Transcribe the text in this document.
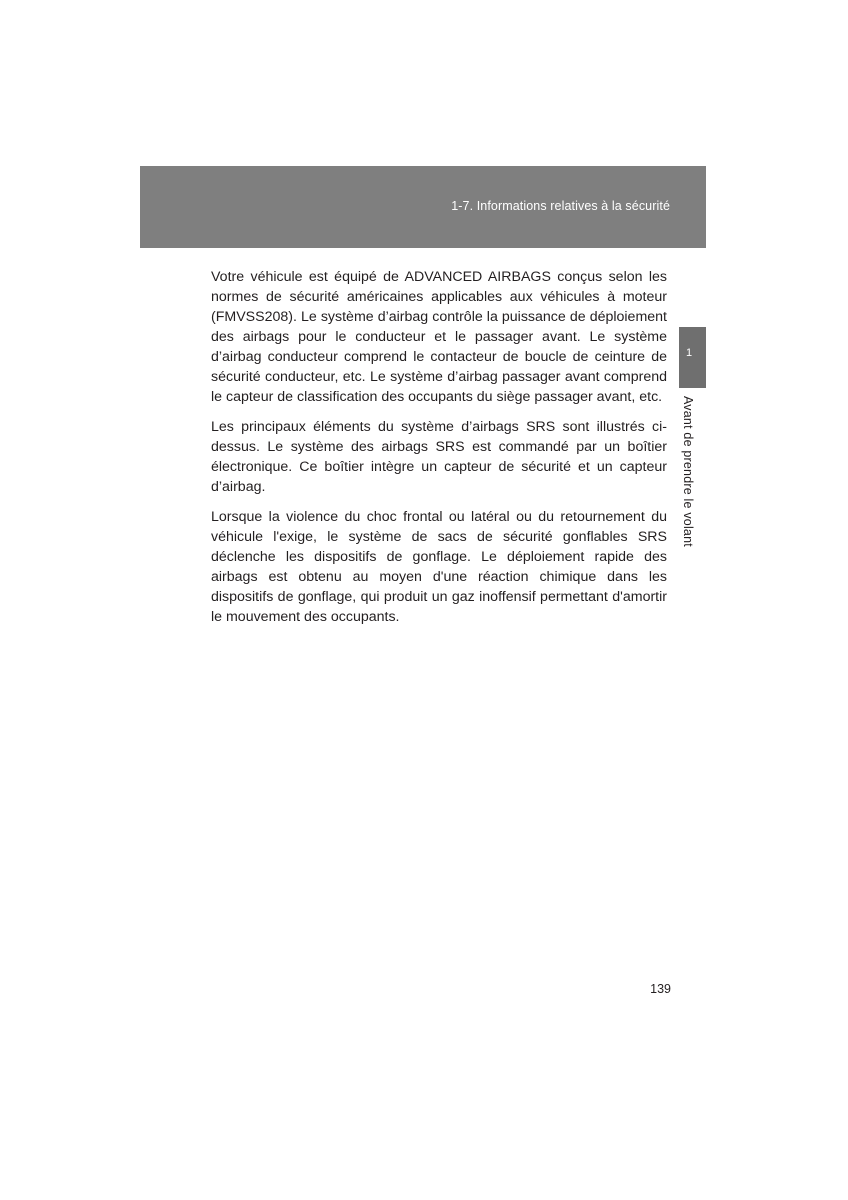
1-7. Informations relatives à la sécurité
1
Avant de prendre le volant

Votre véhicule est équipé de ADVANCED AIRBAGS conçus selon les normes de sécurité américaines applicables aux véhicules à moteur (FMVSS208). Le système d’airbag contrôle la puissance de déploiement des airbags pour le conducteur et le passager avant. Le système d’airbag conducteur comprend le contacteur de boucle de ceinture de sécurité conducteur, etc. Le système d’airbag passager avant comprend le capteur de classification des occupants du siège passager avant, etc.

Les principaux éléments du système d’airbags SRS sont illustrés ci-dessus. Le système des airbags SRS est commandé par un boîtier électronique. Ce boîtier intègre un capteur de sécurité et un capteur d’airbag.

Lorsque la violence du choc frontal ou latéral ou du retournement du véhicule l'exige, le système de sacs de sécurité gonflables SRS déclenche les dispositifs de gonflage. Le déploiement rapide des airbags est obtenu au moyen d'une réaction chimique dans les dispositifs de gonflage, qui produit un gaz inoffensif permettant d'amortir le mouvement des occupants.

139
